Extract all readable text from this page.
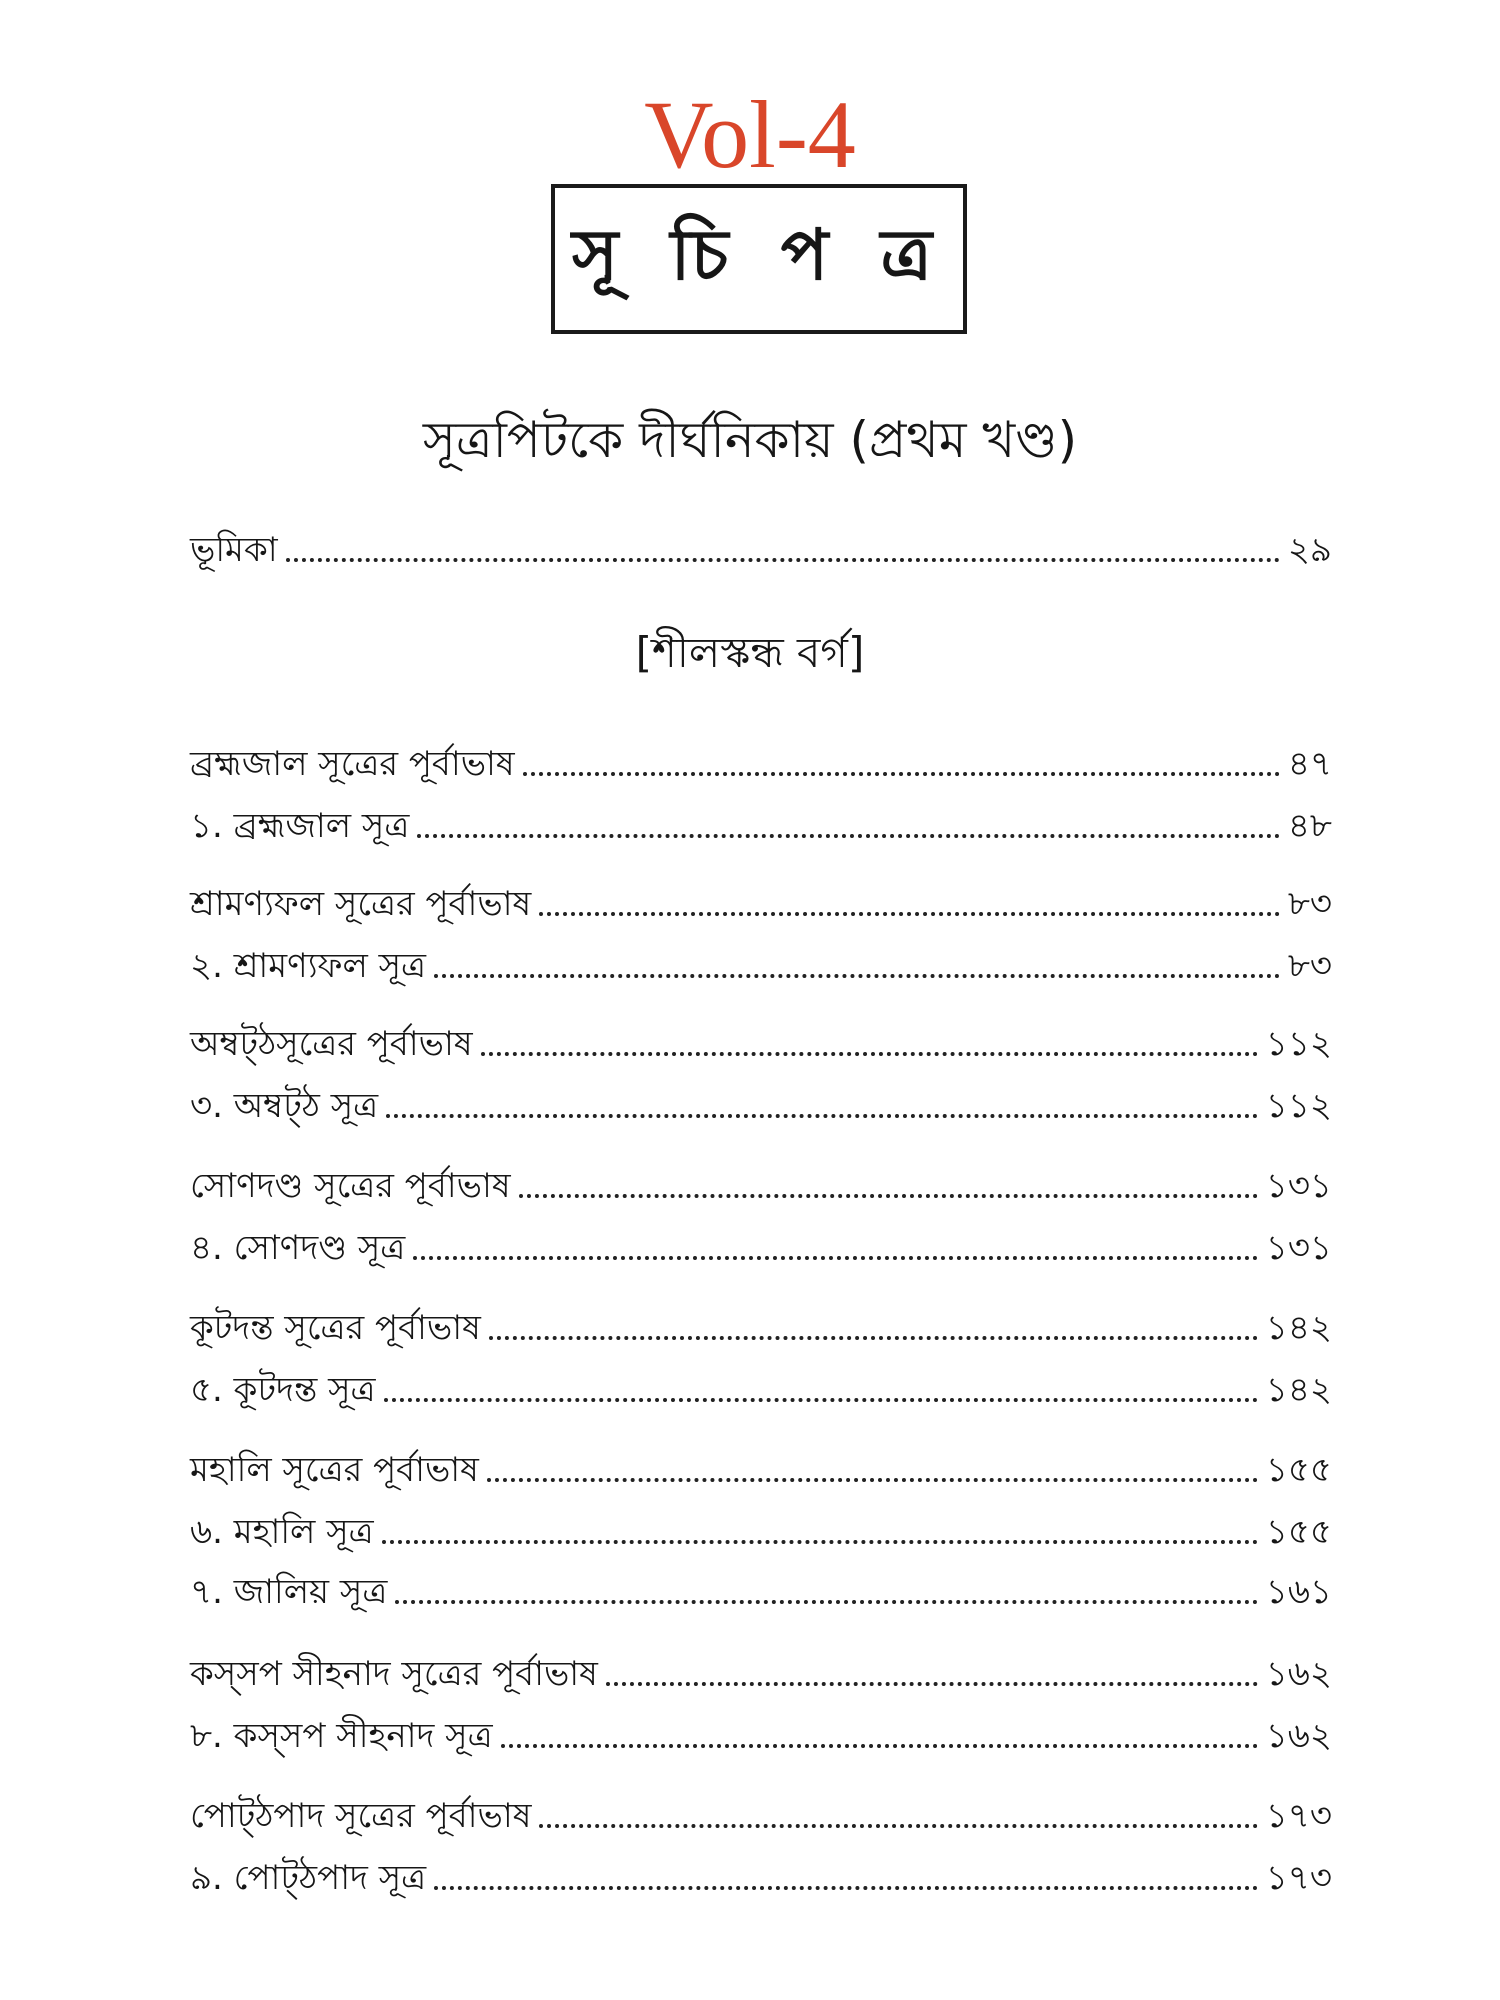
Vol-4
সূ চি প ত্র
সূত্রপিটকে দীর্ঘনিকায় (প্রথম খণ্ড)
ভূমিকা	২৯
[শীলস্কন্ধ বর্গ]
ব্রহ্মজাল সূত্রের পূর্বাভাষ	৪৭
১. ব্রহ্মজাল সূত্র	৪৮
শ্রামণ্যফল সূত্রের পূর্বাভাষ	৮৩
২. শ্রামণ্যফল সূত্র	৮৩
অম্বট্ঠসূত্রের পূর্বাভাষ	১১২
৩. অম্বট্ঠ সূত্র	১১২
সোণদণ্ড সূত্রের পূর্বাভাষ	১৩১
৪. সোণদণ্ড সূত্র	১৩১
কূটদন্ত সূত্রের পূর্বাভাষ	১৪২
৫. কূটদন্ত সূত্র	১৪২
মহালি সূত্রের পূর্বাভাষ	১৫৫
৬. মহালি সূত্র	১৫৫
৭. জালিয় সূত্র	১৬১
কস্‌সপ সীহনাদ সূত্রের পূর্বাভাষ	১৬২
৮. কস্‌সপ সীহনাদ সূত্র	১৬২
পোট্ঠপাদ সূত্রের পূর্বাভাষ	১৭৩
৯. পোট্ঠপাদ সূত্র	১৭৩
